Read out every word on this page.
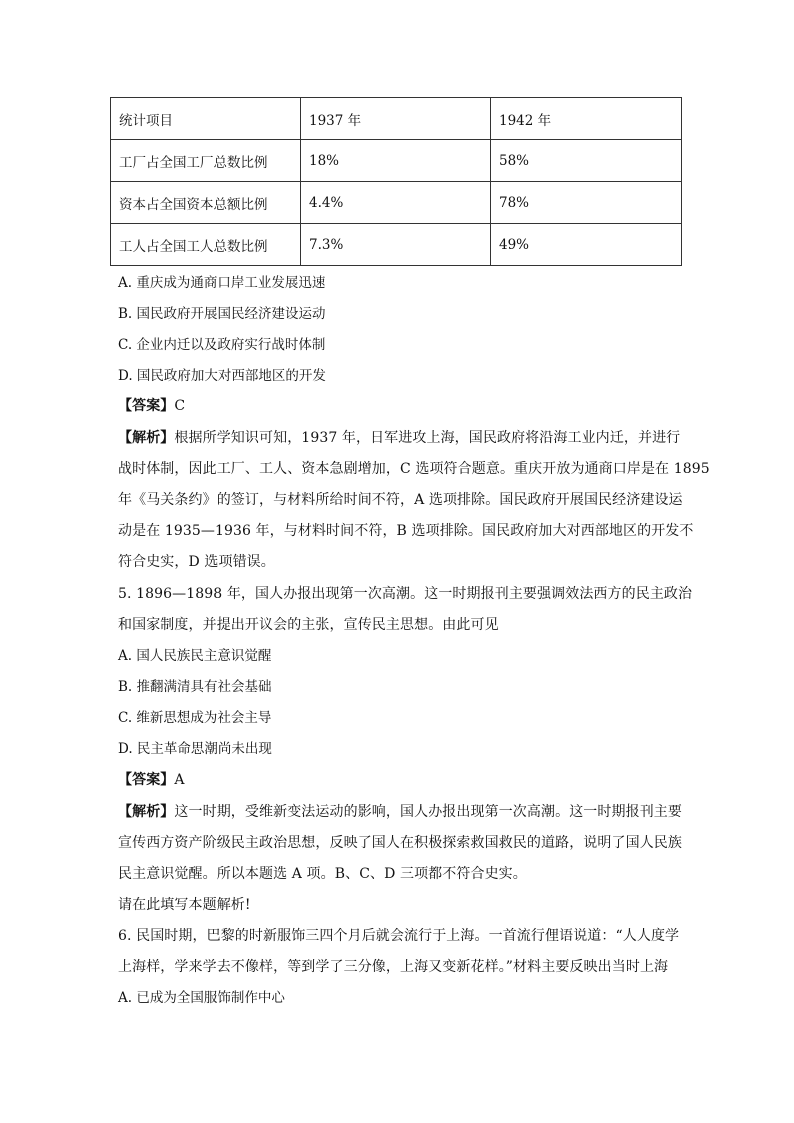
统计项目	1937 年	1942 年
工厂占全国工厂总数比例	18%	58%
资本占全国资本总额比例	4.4%	78%
工人占全国工人总数比例	7.3%	49%
A. 重庆成为通商口岸工业发展迅速
B. 国民政府开展国民经济建设运动
C. 企业内迁以及政府实行战时体制
D. 国民政府加大对西部地区的开发
【答案】C
【解析】根据所学知识可知，1937 年，日军进攻上海，国民政府将沿海工业内迁，并进行
战时体制，因此工厂、工人、资本急剧增加，C 选项符合题意。重庆开放为通商口岸是在 1895
年《马关条约》的签订，与材料所给时间不符，A 选项排除。国民政府开展国民经济建设运
动是在 1935—1936 年，与材料时间不符，B 选项排除。国民政府加大对西部地区的开发不
符合史实，D 选项错误。
5. 1896—1898 年，国人办报出现第一次高潮。这一时期报刊主要强调效法西方的民主政治
和国家制度，并提出开议会的主张，宣传民主思想。由此可见
A. 国人民族民主意识觉醒
B. 推翻满清具有社会基础
C. 维新思想成为社会主导
D. 民主革命思潮尚未出现
【答案】A
【解析】这一时期，受维新变法运动的影响，国人办报出现第一次高潮。这一时期报刊主要
宣传西方资产阶级民主政治思想，反映了国人在积极探索救国救民的道路，说明了国人民族
民主意识觉醒。所以本题选 A 项。B、C、D 三项都不符合史实。
请在此填写本题解析!
6. 民国时期，巴黎的时新服饰三四个月后就会流行于上海。一首流行俚语说道：“人人度学
上海样，学来学去不像样，等到学了三分像，上海又变新花样。”材料主要反映出当时上海
A. 已成为全国服饰制作中心
